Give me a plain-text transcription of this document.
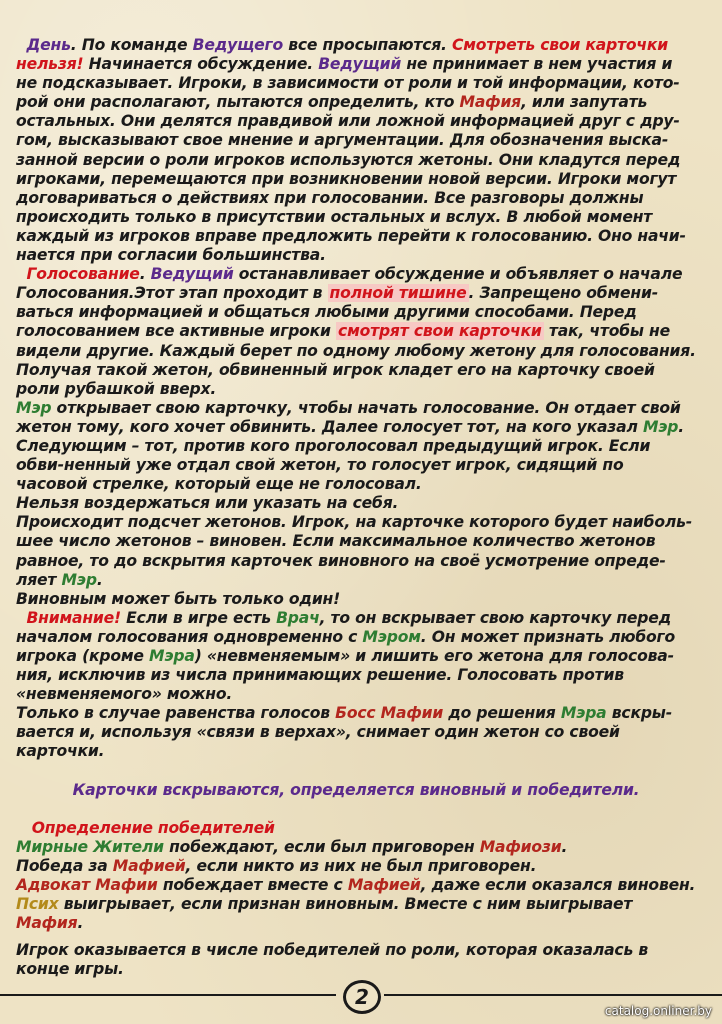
День. По команде Ведущего все просыпаются. Смотреть свои карточки нельзя! Начинается обсуждение. Ведущий не принимает в нем участия и не подсказывает. Игроки, в зависимости от роли и той информации, кото-рой они располагают, пытаются определить, кто Мафия, или запутать остальных. Они делятся правдивой или ложной информацией друг с дру-гом, высказывают свое мнение и аргументации. Для обозначения выска-занной версии о роли игроков используются жетоны. Они кладутся перед игроками, перемещаются при возникновении новой версии. Игроки могут договариваться о действиях при голосовании. Все разговоры должны происходить только в присутствии остальных и вслух. В любой момент каждый из игроков вправе предложить перейти к голосованию. Оно начи-нается при согласии большинства.

Голосование. Ведущий останавливает обсуждение и объявляет о начале Голосования.Этот этап проходит в полной тишине . Запрещено обмени-ваться информацией и общаться любыми другими способами. Перед голосованием все активные игроки смотрят свои карточки так, чтобы не видели другие. Каждый берет по одному любому жетону для голосования. Получая такой жетон, обвиненный игрок кладет его на карточку своей роли рубашкой вверх.

Мэр открывает свою карточку, чтобы начать голосование. Он отдает свой жетон тому, кого хочет обвинить. Далее голосует тот, на кого указал Мэр. Следующим – тот, против кого проголосовал предыдущий игрок. Если обви-ненный уже отдал свой жетон, то голосует игрок, сидящий по часовой стрелке, который еще не голосовал.

Нельзя воздержаться или указать на себя.

Происходит подсчет жетонов. Игрок, на карточке которого будет наиболь-шее число жетонов – виновен. Если максимальное количество жетонов равное, то до вскрытия карточек виновного на своё усмотрение опреде-ляет Мэр.

Виновным может быть только один!

Внимание! Если в игре есть Врач, то он вскрывает свою карточку перед началом голосования одновременно с Мэром. Он может признать любого игрока (кроме Мэра) «невменяемым» и лишить его жетона для голосова-ния, исключив из числа принимающих решение. Голосовать против «невменяемого» можно.

Только в случае равенства голосов Босс Мафии до решения Мэра вскры-вается и, используя «связи в верхах», снимает один жетон со своей карточки.

Карточки вскрываются, определяется виновный и победители.

Определение победителей

Мирные Жители побеждают, если был приговорен Мафиози.

Победа за Мафией, если никто из них не был приговорен.

Адвокат Мафии побеждает вместе с Мафией, даже если оказался виновен.

Псих выигрывает, если признан виновным. Вместе с ним выигрывает Мафия.

Игрок оказывается в числе победителей по роли, которая оказалась в конце игры.

2
catalog.onliner.by
